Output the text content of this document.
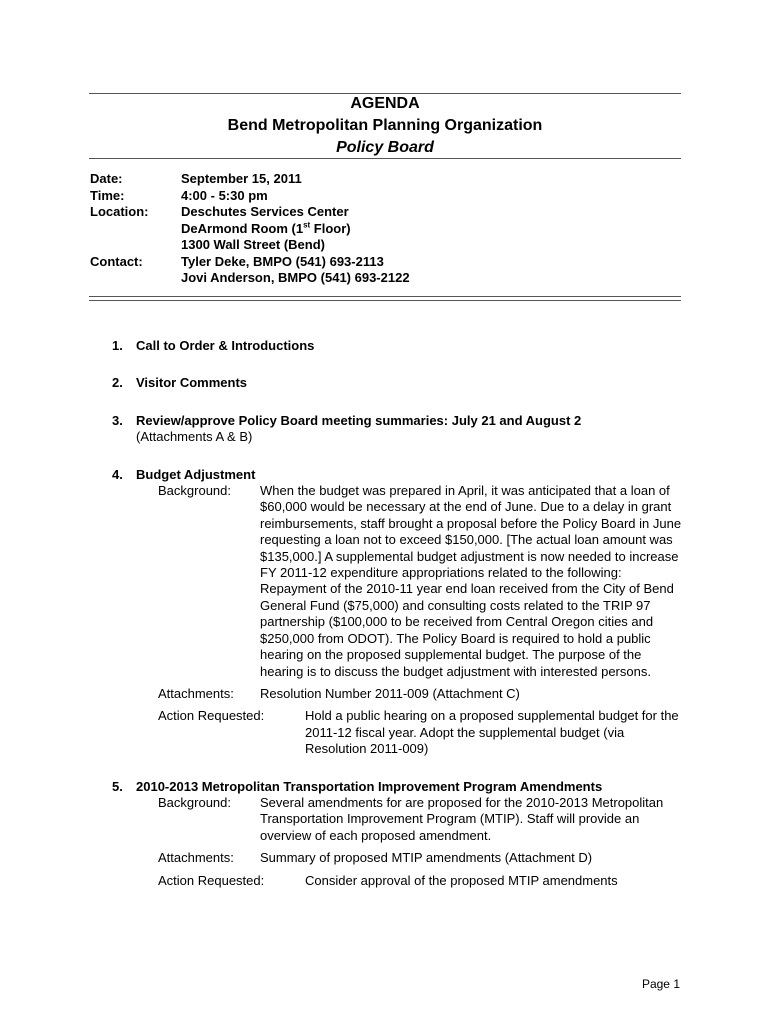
AGENDA
Bend Metropolitan Planning Organization
Policy Board
Date:	September 15, 2011
Time:	4:00 - 5:30 pm
Location:	Deschutes Services Center
DeArmond Room (1st Floor)
1300 Wall Street (Bend)
Contact:	Tyler Deke, BMPO (541) 693-2113
Jovi Anderson, BMPO (541) 693-2122
1.	Call to Order & Introductions
2.	Visitor Comments
3.	Review/approve Policy Board meeting summaries: July 21 and August 2
(Attachments A & B)
4.	Budget Adjustment
Background:	When the budget was prepared in April, it was anticipated that a loan of $60,000 would be necessary at the end of June. Due to a delay in grant reimbursements, staff brought a proposal before the Policy Board in June requesting a loan not to exceed $150,000. [The actual loan amount was $135,000.] A supplemental budget adjustment is now needed to increase FY 2011-12 expenditure appropriations related to the following: Repayment of the 2010-11 year end loan received from the City of Bend General Fund ($75,000) and consulting costs related to the TRIP 97 partnership ($100,000 to be received from Central Oregon cities and $250,000 from ODOT). The Policy Board is required to hold a public hearing on the proposed supplemental budget. The purpose of the hearing is to discuss the budget adjustment with interested persons.
Attachments:	Resolution Number 2011-009 (Attachment C)
Action Requested:	Hold a public hearing on a proposed supplemental budget for the 2011-12 fiscal year. Adopt the supplemental budget (via Resolution 2011-009)
5.	2010-2013 Metropolitan Transportation Improvement Program Amendments
Background:	Several amendments for are proposed for the 2010-2013 Metropolitan Transportation Improvement Program (MTIP). Staff will provide an overview of each proposed amendment.
Attachments:	Summary of proposed MTIP amendments (Attachment D)
Action Requested:	Consider approval of the proposed MTIP amendments
Page 1
